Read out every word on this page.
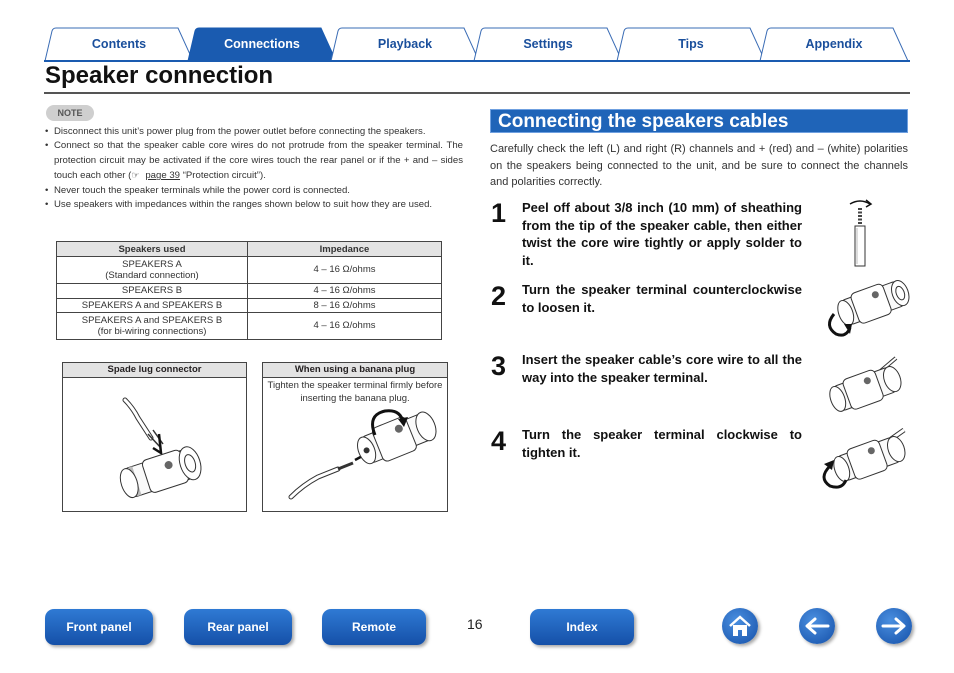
Contents	Connections	Playback	Settings	Tips	Appendix
Speaker connection
NOTE
• Disconnect this unit’s power plug from the power outlet before connecting the speakers.
• Connect so that the speaker cable core wires do not protrude from the speaker terminal. The protection circuit may be activated if the core wires touch the rear panel or if the + and – sides touch each other (☞ page 39 “Protection circuit”).
• Never touch the speaker terminals while the power cord is connected.
• Use speakers with impedances within the ranges shown below to suit how they are used.
Speakers used	Impedance
SPEAKERS A
(Standard connection)	4 – 16 Ω/ohms
SPEAKERS B	4 – 16 Ω/ohms
SPEAKERS A and SPEAKERS B	8 – 16 Ω/ohms
SPEAKERS A and SPEAKERS B
(for bi-wiring connections)	4 – 16 Ω/ohms
Spade lug connector	When using a banana plug
Tighten the speaker terminal firmly before inserting the banana plug.
Connecting the speakers cables
Carefully check the left (L) and right (R) channels and + (red) and – (white) polarities on the speakers being connected to the unit, and be sure to connect the channels and polarities correctly.
1 Peel off about 3/8 inch (10 mm) of sheathing from the tip of the speaker cable, then either twist the core wire tightly or apply solder to it.
2 Turn the speaker terminal counterclockwise to loosen it.
3 Insert the speaker cable’s core wire to all the way into the speaker terminal.
4 Turn the speaker terminal clockwise to tighten it.
Front panel	Rear panel	Remote	16	Index
